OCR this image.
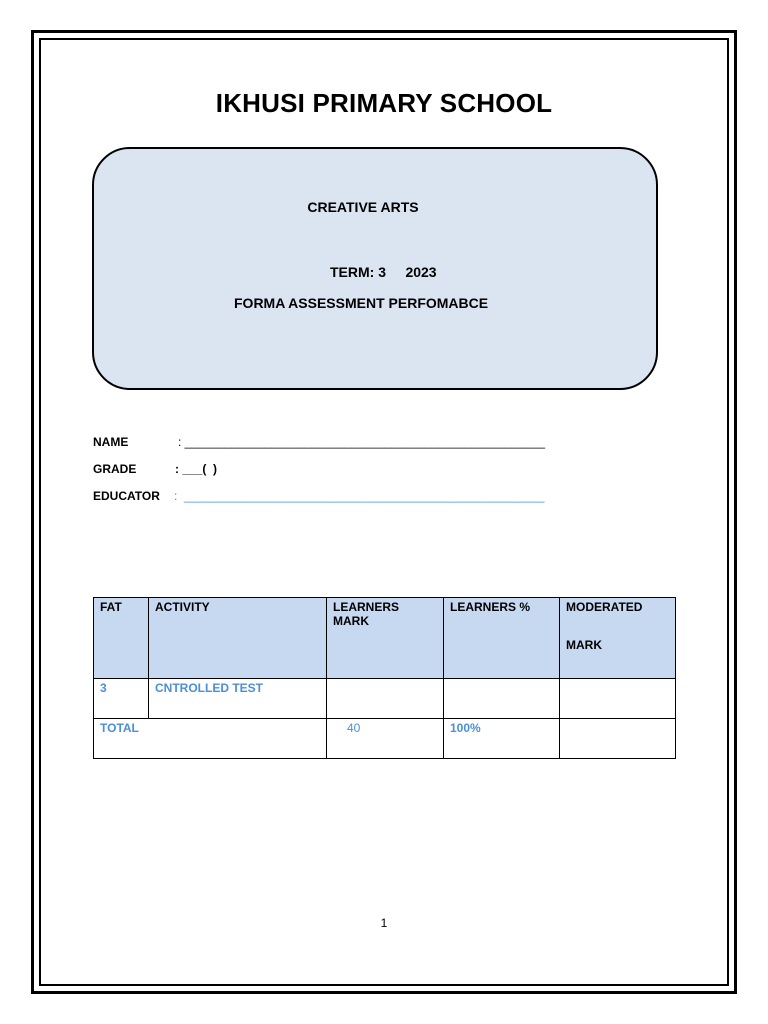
IKHUSI PRIMARY SCHOOL
CREATIVE ARTS
TERM: 3     2023
FORMA ASSESSMENT PERFOMABCE
NAME	: ______________________________________________________
GRADE	: ___(  )
EDUCATOR :  ______________________________________________________
FAT	ACTIVITY	LEARNERS MARK	LEARNERS %	MODERATED
MARK

3	CNTROLLED TEST			

TOTAL		40	100%	

1
